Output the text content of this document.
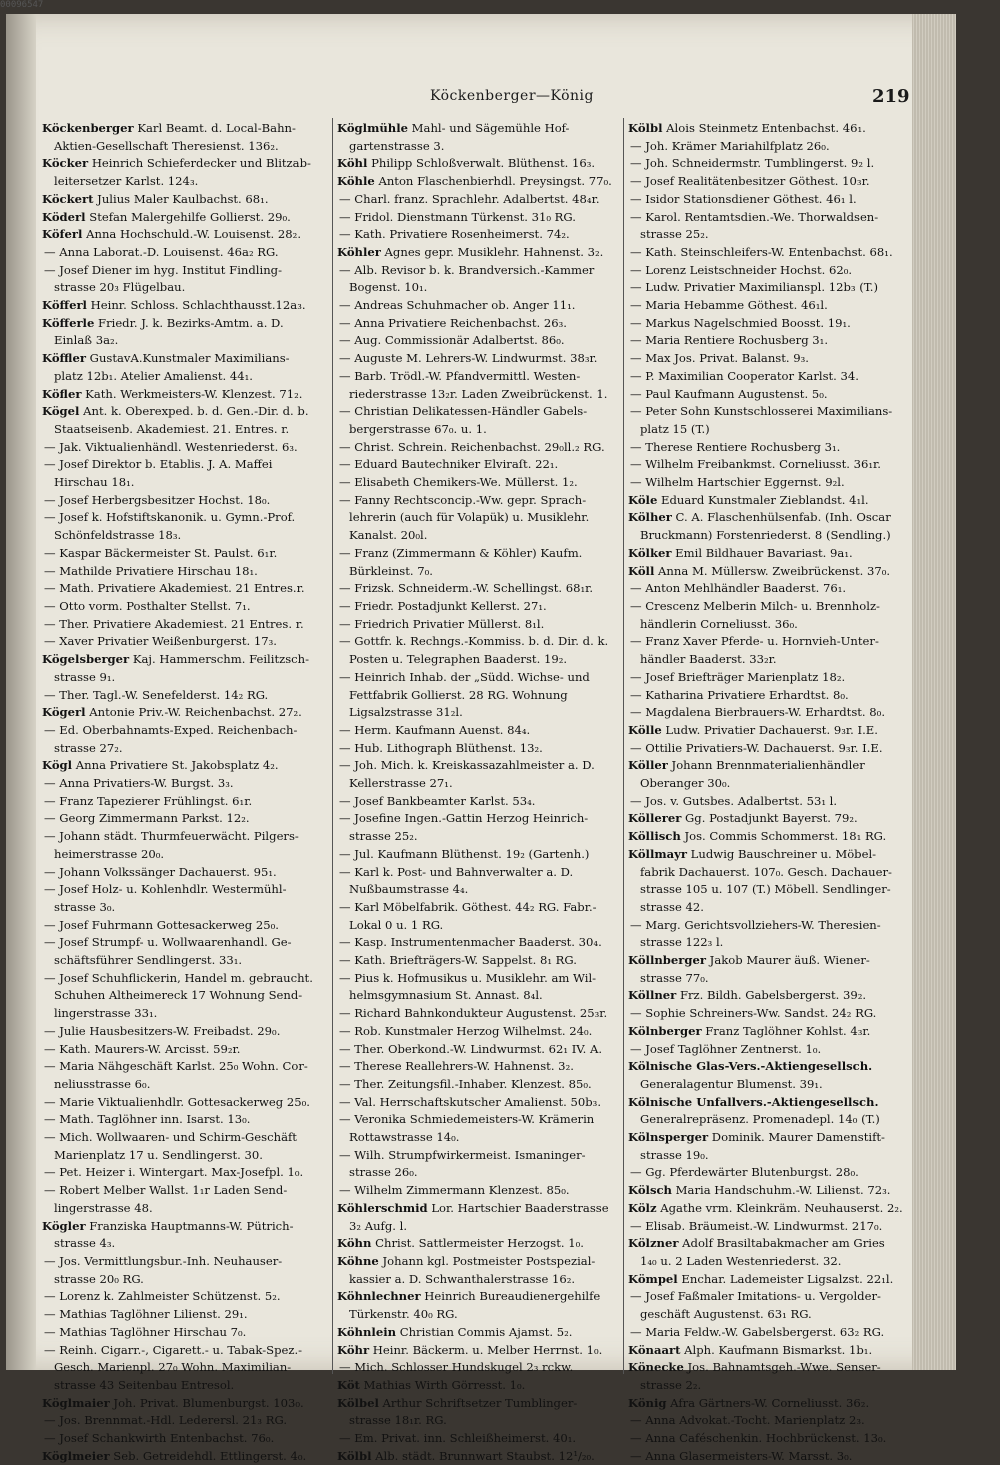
Köckenberger—König	219
Köckenberger Karl Beamt. d. Local-Bahn-
Aktien-Gesellschaft Theresienst. 136₂.
Köcker Heinrich Schieferdecker und Blitzab-
leitersetzer Karlst. 124₃.
Köckert Julius Maler Kaulbachst. 68₁.
Köderl Stefan Malergehilfe Gollierst. 29₀.
Köferl Anna Hochschuld.-W. Louisenst. 28₂.
— Anna Laborat.-D. Louisenst. 46a₂ RG.
— Josef Diener im hyg. Institut Findling-
strasse 20₃ Flügelbau.
Köfferl Heinr. Schloss. Schlachthausst.12a₃.
Köfferle Friedr. J. k. Bezirks-Amtm. a. D.
Einlaß 3a₂.
Köffler GustavA.Kunstmaler Maximilians-
platz 12b₁. Atelier Amalienst. 44₁.
Köfler Kath. Werkmeisters-W. Klenzest. 71₂.
Kögel Ant. k. Oberexped. b. d. Gen.-Dir. d. b.
Staatseisenb. Akademiest. 21. Entres. r.
— Jak. Viktualienhändl. Westenriederst. 6₃.
— Josef Direktor b. Etablis. J. A. Maffei
Hirschau 18₁.
— Josef Herbergsbesitzer Hochst. 18₀.
— Josef k. Hofstiftskanonik. u. Gymn.-Prof.
Schönfeldstrasse 18₃.
— Kaspar Bäckermeister St. Paulst. 6₁r.
— Mathilde Privatiere Hirschau 18₁.
— Math. Privatiere Akademiest. 21 Entres.r.
— Otto vorm. Posthalter Stellst. 7₁.
— Ther. Privatiere Akademiest. 21 Entres. r.
— Xaver Privatier Weißenburgerst. 17₃.
Kögelsberger Kaj. Hammerschm. Feilitzsch-
strasse 9₁.
— Ther. Tagl.-W. Senefelderst. 14₂ RG.
Kögerl Antonie Priv.-W. Reichenbachst. 27₂.
— Ed. Oberbahnamts-Exped. Reichenbach-
strasse 27₂.
Kögl Anna Privatiere St. Jakobsplatz 4₂.
— Anna Privatiers-W. Burgst. 3₃.
— Franz Tapezierer Frühlingst. 6₁r.
— Georg Zimmermann Parkst. 12₂.
— Johann städt. Thurmfeuerwächt. Pilgers-
heimerstrasse 20₀.
— Johann Volkssänger Dachauerst. 95₁.
— Josef Holz- u. Kohlenhdlr. Westermühl-
strasse 3₀.
— Josef Fuhrmann Gottesackerweg 25₀.
— Josef Strumpf- u. Wollwaarenhandl. Ge-
schäftsführer Sendlingerst. 33₁.
— Josef Schuhflickerin, Handel m. gebraucht.
Schuhen Altheimereck 17 Wohnung Send-
lingerstrasse 33₁.
— Julie Hausbesitzers-W. Freibadst. 29₀.
— Kath. Maurers-W. Arcisst. 59₂r.
— Maria Nähgeschäft Karlst. 25₀ Wohn. Cor-
neliusstrasse 6₀.
— Marie Viktualienhdlr. Gottesackerweg 25₀.
— Math. Taglöhner inn. Isarst. 13₀.
— Mich. Wollwaaren- und Schirm-Geschäft
Marienplatz 17 u. Sendlingerst. 30.
— Pet. Heizer i. Wintergart. Max-Josefpl. 1₀.
— Robert Melber Wallst. 1₁r Laden Send-
lingerstrasse 48.
Kögler Franziska Hauptmanns-W. Pütrich-
strasse 4₃.
— Jos. Vermittlungsbur.-Inh. Neuhauser-
strasse 20₀ RG.
— Lorenz k. Zahlmeister Schützenst. 5₂.
— Mathias Taglöhner Lilienst. 29₁.
— Mathias Taglöhner Hirschau 7₀.
— Reinh. Cigarr.-, Cigarett.- u. Tabak-Spez.-
Gesch. Marienpl. 27₀ Wohn. Maximilian-
strasse 43 Seitenbau Entresol.
Köglmaier Joh. Privat. Blumenburgst. 103₀.
— Jos. Brennmat.-Hdl. Lederersl. 21₃ RG.
— Josef Schankwirth Entenbachst. 76₀.
Köglmeier Seb. Getreidehdl. Ettlingerst. 4₀.
Köglmühle Mahl- und Sägemühle Hof-
gartenstrasse 3.
Köhl Philipp Schloßverwalt. Blüthenst. 16₃.
Köhle Anton Flaschenbierhdl. Preysingst. 77₀.
— Charl. franz. Sprachlehr. Adalbertst. 48₄r.
— Fridol. Dienstmann Türkenst. 31₀ RG.
— Kath. Privatiere Rosenheimerst. 74₂.
Köhler Agnes gepr. Musiklehr. Hahnenst. 3₂.
— Alb. Revisor b. k. Brandversich.-Kammer
Bogenst. 10₁.
— Andreas Schuhmacher ob. Anger 11₁.
— Anna Privatiere Reichenbachst. 26₃.
— Aug. Commissionär Adalbertst. 86₀.
— Auguste M. Lehrers-W. Lindwurmst. 38₃r.
— Barb. Trödl.-W. Pfandvermittl. Westen-
riederstrasse 13₂r. Laden Zweibrückenst. 1.
— Christian Delikatessen-Händler Gabels-
bergerstrasse 67₀. u. 1.
— Christ. Schrein. Reichenbachst. 29₀ll.₂ RG.
— Eduard Bautechniker Elviraſt. 22₁.
— Elisabeth Chemikers-We. Müllerst. 1₂.
— Fanny Rechtsconcip.-Ww. gepr. Sprach-
lehrerin (auch für Volapük) u. Musiklehr.
Kanalst. 20₀l.
— Franz (Zimmermann & Köhler) Kaufm.
Bürkleinst. 7₀.
— Frizsk. Schneiderm.-W. Schellingst. 68₁r.
— Friedr. Postadjunkt Kellerst. 27₁.
— Friedrich Privatier Müllerst. 8₁l.
— Gottfr. k. Rechngs.-Kommiss. b. d. Dir. d. k.
Posten u. Telegraphen Baaderst. 19₂.
— Heinrich Inhab. der „Südd. Wichse- und
Fettfabrik Gollierst. 28 RG. Wohnung
Ligsalzstrasse 31₂l.
— Herm. Kaufmann Auenst. 84₄.
— Hub. Lithograph Blüthenst. 13₂.
— Joh. Mich. k. Kreiskassazahlmeister a. D.
Kellerstrasse 27₁.
— Josef Bankbeamter Karlst. 53₄.
— Josefine Ingen.-Gattin Herzog Heinrich-
strasse 25₂.
— Jul. Kaufmann Blüthenst. 19₂ (Gartenh.)
— Karl k. Post- und Bahnverwalter a. D.
Nußbaumstrasse 4₄.
— Karl Möbelfabrik. Göthest. 44₂ RG. Fabr.-
Lokal 0 u. 1 RG.
— Kasp. Instrumentenmacher Baaderst. 30₄.
— Kath. Briefträgers-W. Sappelst. 8₁ RG.
— Pius k. Hofmusikus u. Musiklehr. am Wil-
helmsgymnasium St. Annast. 8₄l.
— Richard Bahnkondukteur Augustenst. 25₃r.
— Rob. Kunstmaler Herzog Wilhelmst. 24₀.
— Ther. Oberkond.-W. Lindwurmst. 62₁ IV. A.
— Therese Reallehrers-W. Hahnenst. 3₂.
— Ther. Zeitungsfil.-Inhaber. Klenzest. 85₀.
— Val. Herrschaftskutscher Amalienst. 50b₃.
— Veronika Schmiedemeisters-W. Krämerin
Rottawstrasse 14₀.
— Wilh. Strumpfwirkermeist. Ismaninger-
strasse 26₀.
— Wilhelm Zimmermann Klenzest. 85₀.
Köhlerschmid Lor. Hartschier Baaderstrasse
3₂ Aufg. l.
Köhn Christ. Sattlermeister Herzogst. 1₀.
Köhne Johann kgl. Postmeister Postspezial-
kassier a. D. Schwanthalerstrasse 16₂.
Köhnlechner Heinrich Bureaudienergehilfe
Türkenstr. 40₀ RG.
Köhnlein Christian Commis Ajamst. 5₂.
Köhr Heinr. Bäckerm. u. Melber Herrnst. 1₀.
— Mich. Schlosser Hundskugel 2₃ rckw.
Köt Mathias Wirth Görresst. 1₀.
Kölbel Arthur Schriftsetzer Tumblinger-
strasse 18₁r. RG.
— Em. Privat. inn. Schleißheimerst. 40₁.
Kölbl Alb. städt. Brunnwart Staubst. 12¹/₂₀.
Kölbl Alois Steinmetz Entenbachst. 46₁.
— Joh. Krämer Mariahilfplatz 26₀.
— Joh. Schneidermstr. Tumblingerst. 9₂ l.
— Josef Realitätenbesitzer Göthest. 10₃r.
— Isidor Stationsdiener Göthest. 46₁ l.
— Karol. Rentamtsdien.-We. Thorwaldsen-
strasse 25₂.
— Kath. Steinschleifers-W. Entenbachst. 68₁.
— Lorenz Leistschneider Hochst. 62₀.
— Ludw. Privatier Maximilianspl. 12b₃ (T.)
— Maria Hebamme Göthest. 46₁l.
— Markus Nagelschmied Boosst. 19₁.
— Maria Rentiere Rochusberg 3₁.
— Max Jos. Privat. Balanst. 9₃.
— P. Maximilian Cooperator Karlst. 34.
— Paul Kaufmann Augustenst. 5₀.
— Peter Sohn Kunstschlosserei Maximilians-
platz 15 (T.)
— Therese Rentiere Rochusberg 3₁.
— Wilhelm Freibankmst. Corneliusst. 36₁r.
— Wilhelm Hartschier Eggernst. 9₂l.
Köle Eduard Kunstmaler Zieblandst. 4₁l.
Kölher C. A. Flaschenhülsenfab. (Inh. Oscar
Bruckmann) Forstenriederst. 8 (Sendling.)
Kölker Emil Bildhauer Bavariast. 9a₁.
Köll Anna M. Müllersw. Zweibrückenst. 37₀.
— Anton Mehlhändler Baaderst. 76₁.
— Crescenz Melberin Milch- u. Brennholz-
händlerin Corneliusst. 36₀.
— Franz Xaver Pferde- u. Hornvieh-Unter-
händler Baaderst. 33₂r.
— Josef Briefträger Marienplatz 18₂.
— Katharina Privatiere Erhardtst. 8₀.
— Magdalena Bierbrauers-W. Erhardtst. 8₀.
Kölle Ludw. Privatier Dachauerst. 9₃r. I.E.
— Ottilie Privatiers-W. Dachauerst. 9₃r. I.E.
Köller Johann Brennmaterialienhändler
Oberanger 30₀.
— Jos. v. Gutsbes. Adalbertst. 53₁ l.
Köllerer Gg. Postadjunkt Bayerst. 79₂.
Köllisch Jos. Commis Schommerst. 18₁ RG.
Köllmayr Ludwig Bauschreiner u. Möbel-
fabrik Dachauerst. 107₀. Gesch. Dachauer-
strasse 105 u. 107 (T.) Möbell. Sendlinger-
strasse 42.
— Marg. Gerichtsvollziehers-W. Theresien-
strasse 122₃ l.
Köllnberger Jakob Maurer äuß. Wiener-
strasse 77₀.
Köllner Frz. Bildh. Gabelsbergerst. 39₂.
— Sophie Schreiners-Ww. Sandst. 24₂ RG.
Kölnberger Franz Taglöhner Kohlst. 4₃r.
— Josef Taglöhner Zentnerst. 1₀.
Kölnische Glas-Vers.-Aktiengesellsch.
Generalagentur Blumenst. 39₁.
Kölnische Unfallvers.-Aktiengesellsch.
Generalrepräsenz. Promenadepl. 14₀ (T.)
Kölnsperger Dominik. Maurer Damenstift-
strasse 19₀.
— Gg. Pferdewärter Blutenburgst. 28₀.
Kölsch Maria Handschuhm.-W. Lilienst. 72₃.
Kölz Agathe vrm. Kleinkräm. Neuhauserst. 2₂.
— Elisab. Bräumeist.-W. Lindwurmst. 217₀.
Kölzner Adolf Brasiltabakmacher am Gries
1₄₀ u. 2 Laden Westenriederst. 32.
Kömpel Enchar. Lademeister Ligsalzst. 22₁l.
— Josef Faßmaler Imitations- u. Vergolder-
geschäft Augustenst. 63₁ RG.
— Maria Feldw.-W. Gabelsbergerst. 63₂ RG.
Könaart Alph. Kaufmann Bismarkst. 1b₁.
Könecke Jos. Bahnamtsgeh.-Wwe. Senser-
strasse 2₂.
König Afra Gärtners-W. Corneliusst. 36₂.
— Anna Advokat.-Tocht. Marienplatz 2₃.
— Anna Caféschenkin. Hochbrückenst. 13₀.
— Anna Glasermeisters-W. Marsst. 3₀.
00096547
